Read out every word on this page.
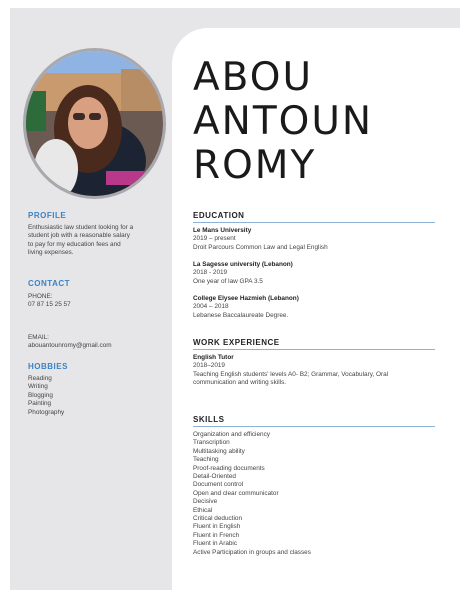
ABOU
ANTOUN
ROMY
PROFILE
Enthusiastic law student looking for a
student job with a reasonable salary
to pay for my education fees and
living expenses.
CONTACT
PHONE:
07 87 15 25 57
EMAIL:
abouantounromy@gmail.com
HOBBIES
Reading
Writing
Blogging
Painting
Photography
EDUCATION
Le Mans University
2019 – present
Droit Parcours Common Law and Legal English
La Sagesse university (Lebanon)
2018 - 2019
One year of law GPA 3.5
College Elysee Hazmieh (Lebanon)
2004 – 2018
Lebanese Baccalaureate Degree.
WORK EXPERIENCE
English Tutor
2018–2019
Teaching English students' levels A0- B2; Grammar, Vocabulary, Oral
communication and writing skills.
SKILLS
Organization and efficiency
Transcription
Multitasking ability
Teaching
Proof-reading documents
Detail-Oriented
Document control
Open and clear communicator
Decisive
Ethical
Critical deduction
Fluent in English
Fluent in French
Fluent in Arabic
Active Participation in groups and classes
